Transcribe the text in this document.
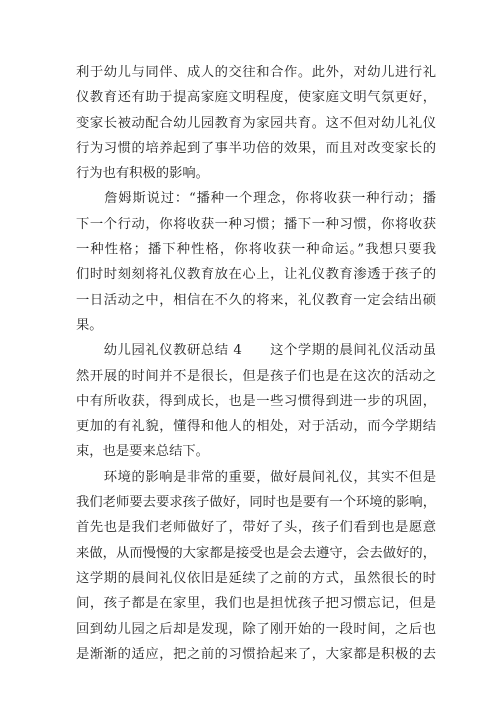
利于幼儿与同伴、成人的交往和合作。此外，对幼儿进行礼
仪教育还有助于提高家庭文明程度，使家庭文明气氛更好，
变家长被动配合幼儿园教育为家园共育。这不但对幼儿礼仪
行为习惯的培养起到了事半功倍的效果，而且对改变家长的
行为也有积极的影响。
　　詹姆斯说过：“播种一个理念，你将收获一种行动；播
下一个行动，你将收获一种习惯；播下一种习惯，你将收获
一种性格；播下种性格，你将收获一种命运。”我想只要我
们时时刻刻将礼仪教育放在心上，让礼仪教育渗透于孩子的
一日活动之中，相信在不久的将来，礼仪教育一定会结出硕
果。
　　幼儿园礼仪教研总结 4　　这个学期的晨间礼仪活动虽
然开展的时间并不是很长，但是孩子们也是在这次的活动之
中有所收获，得到成长，也是一些习惯得到进一步的巩固，
更加的有礼貌，懂得和他人的相处，对于活动，而今学期结
束，也是要来总结下。
　　环境的影响是非常的重要，做好晨间礼仪，其实不但是
我们老师要去要求孩子做好，同时也是要有一个环境的影响，
首先也是我们老师做好了，带好了头，孩子们看到也是愿意
来做，从而慢慢的大家都是接受也是会去遵守，会去做好的，
这学期的晨间礼仪依旧是延续了之前的方式，虽然很长的时
间，孩子都是在家里，我们也是担忧孩子把习惯忘记，但是
回到幼儿园之后却是发现，除了刚开始的一段时间，之后也
是渐渐的适应，把之前的习惯拾起来了，大家都是积极的去
